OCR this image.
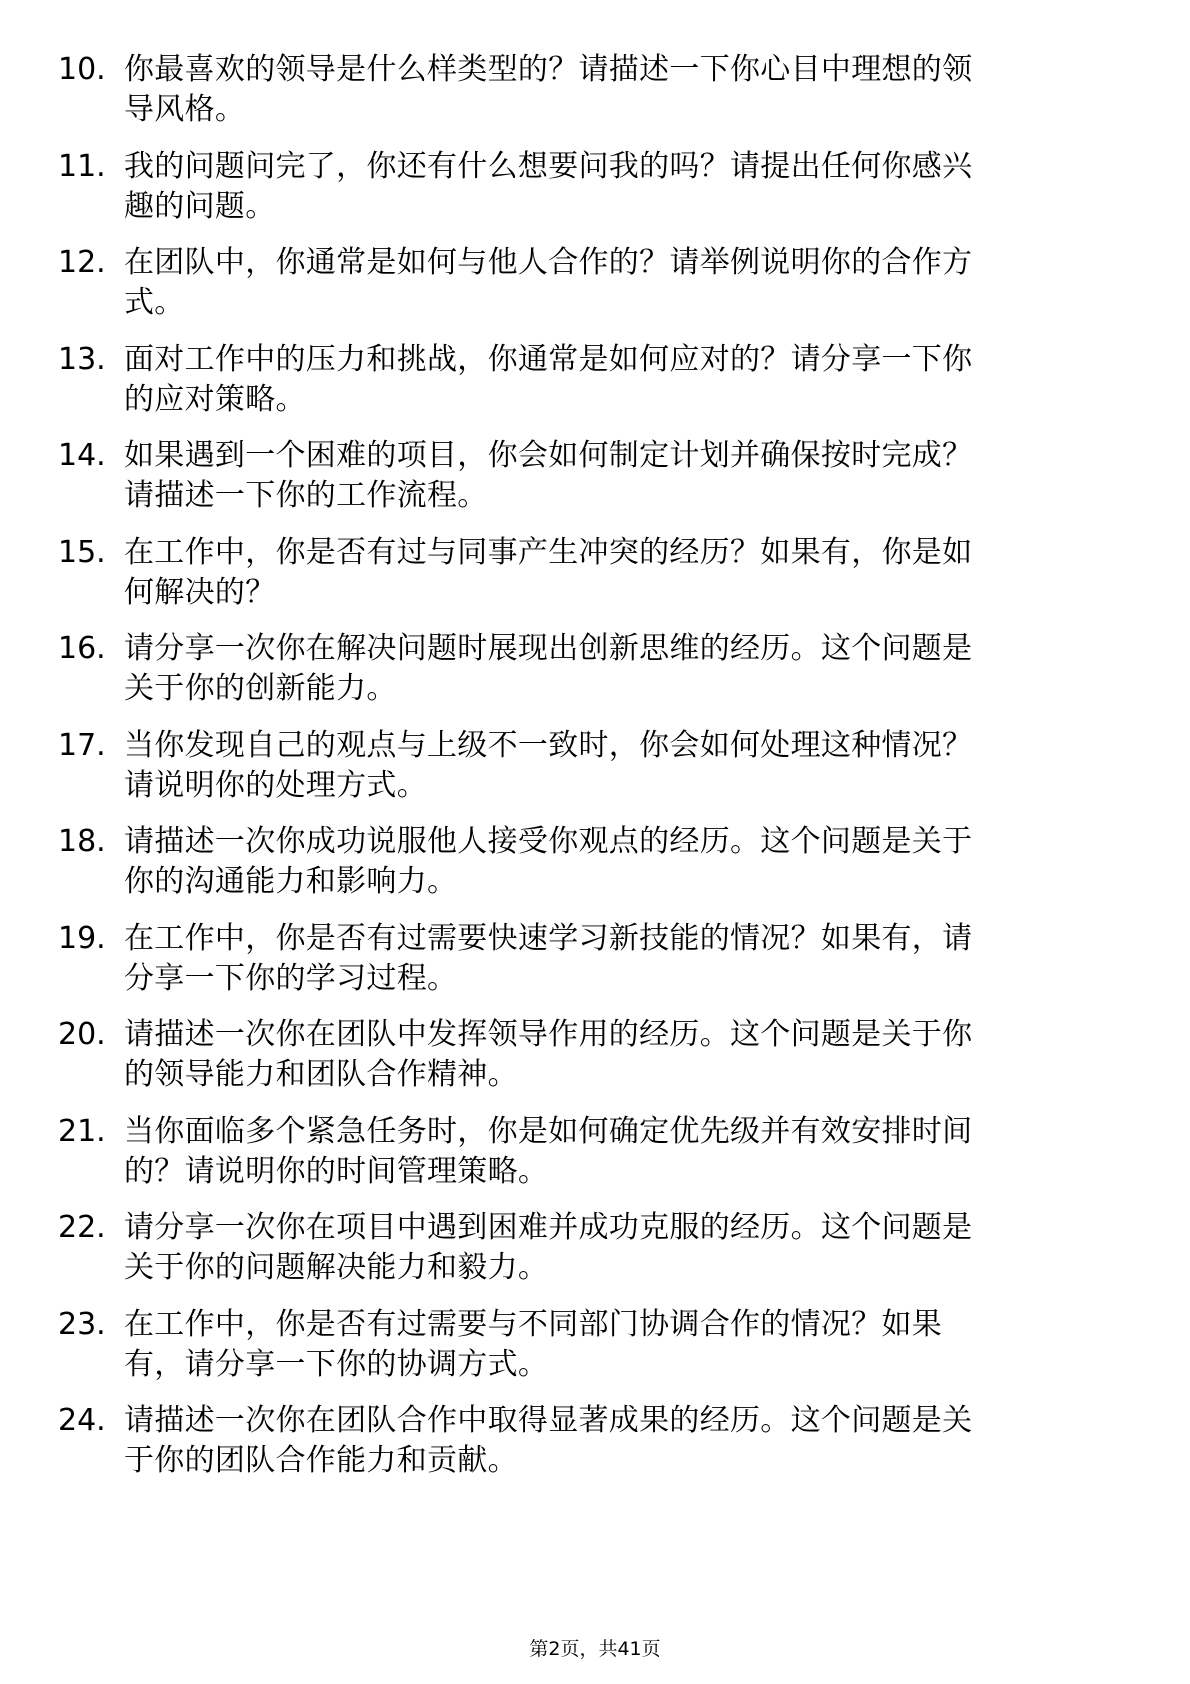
10. 你最喜欢的领导是什么样类型的？请描述一下你心目中理想的领
导风格。
11. 我的问题问完了，你还有什么想要问我的吗？请提出任何你感兴
趣的问题。
12. 在团队中，你通常是如何与他人合作的？请举例说明你的合作方
式。
13. 面对工作中的压力和挑战，你通常是如何应对的？请分享一下你
的应对策略。
14. 如果遇到一个困难的项目，你会如何制定计划并确保按时完成？
请描述一下你的工作流程。
15. 在工作中，你是否有过与同事产生冲突的经历？如果有，你是如
何解决的？
16. 请分享一次你在解决问题时展现出创新思维的经历。这个问题是
关于你的创新能力。
17. 当你发现自己的观点与上级不一致时，你会如何处理这种情况？
请说明你的处理方式。
18. 请描述一次你成功说服他人接受你观点的经历。这个问题是关于
你的沟通能力和影响力。
19. 在工作中，你是否有过需要快速学习新技能的情况？如果有，请
分享一下你的学习过程。
20. 请描述一次你在团队中发挥领导作用的经历。这个问题是关于你
的领导能力和团队合作精神。
21. 当你面临多个紧急任务时，你是如何确定优先级并有效安排时间
的？请说明你的时间管理策略。
22. 请分享一次你在项目中遇到困难并成功克服的经历。这个问题是
关于你的问题解决能力和毅力。
23. 在工作中，你是否有过需要与不同部门协调合作的情况？如果
有，请分享一下你的协调方式。
24. 请描述一次你在团队合作中取得显著成果的经历。这个问题是关
于你的团队合作能力和贡献。
第2页，共41页
